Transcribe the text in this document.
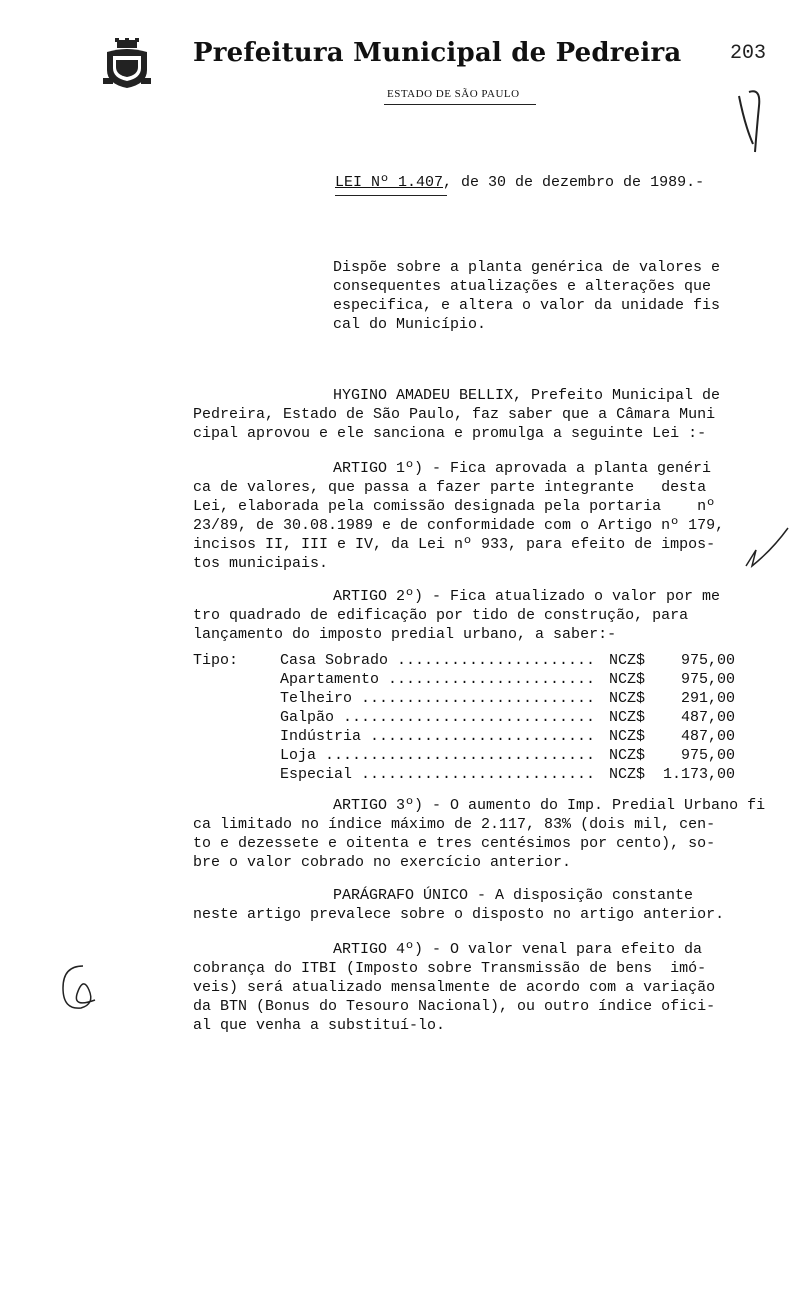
Prefeitura Municipal de Pedreira 203
ESTADO DE SÃO PAULO
LEI Nº 1.407, de 30 de dezembro de 1989.-
Dispõe sobre a planta genérica de valores e
consequentes atualizações e alterações que
especifica, e altera o valor da unidade fis
cal do Município.
HYGINO AMADEU BELLIX, Prefeito Municipal de
Pedreira, Estado de São Paulo, faz saber que a Câmara Muni
cipal aprovou e ele sanciona e promulga a seguinte Lei :-
ARTIGO 1º) - Fica aprovada a planta genéri
ca de valores, que passa a fazer parte integrante   desta
Lei, elaborada pela comissão designada pela portaria    nº
23/89, de 30.08.1989 e de conformidade com o Artigo nº 179,
incisos II, III e IV, da Lei nº 933, para efeito de impos-
tos municipais.
ARTIGO 2º) - Fica atualizado o valor por me
tro quadrado de edificação por tido de construção, para
lançamento do imposto predial urbano, a saber:-
Tipo:	Casa Sobrado ...................... NCZ$	975,00
Apartamento ....................... NCZ$	975,00
Telheiro .......................... NCZ$	291,00
Galpão ............................ NCZ$	487,00
Indústria ......................... NCZ$	487,00
Loja .............................. NCZ$	975,00
Especial .......................... NCZ$	1.173,00
ARTIGO 3º) - O aumento do Imp. Predial Urbano fi
ca limitado no índice máximo de 2.117, 83% (dois mil, cen-
to e dezessete e oitenta e tres centésimos por cento), so-
bre o valor cobrado no exercício anterior.
PARÁGRAFO ÚNICO - A disposição constante
neste artigo prevalece sobre o disposto no artigo anterior.
ARTIGO 4º) - O valor venal para efeito da
cobrança do ITBI (Imposto sobre Transmissão de bens  imó-
veis) será atualizado mensalmente de acordo com a variação
da BTN (Bonus do Tesouro Nacional), ou outro índice ofici-
al que venha a substituí-lo.
